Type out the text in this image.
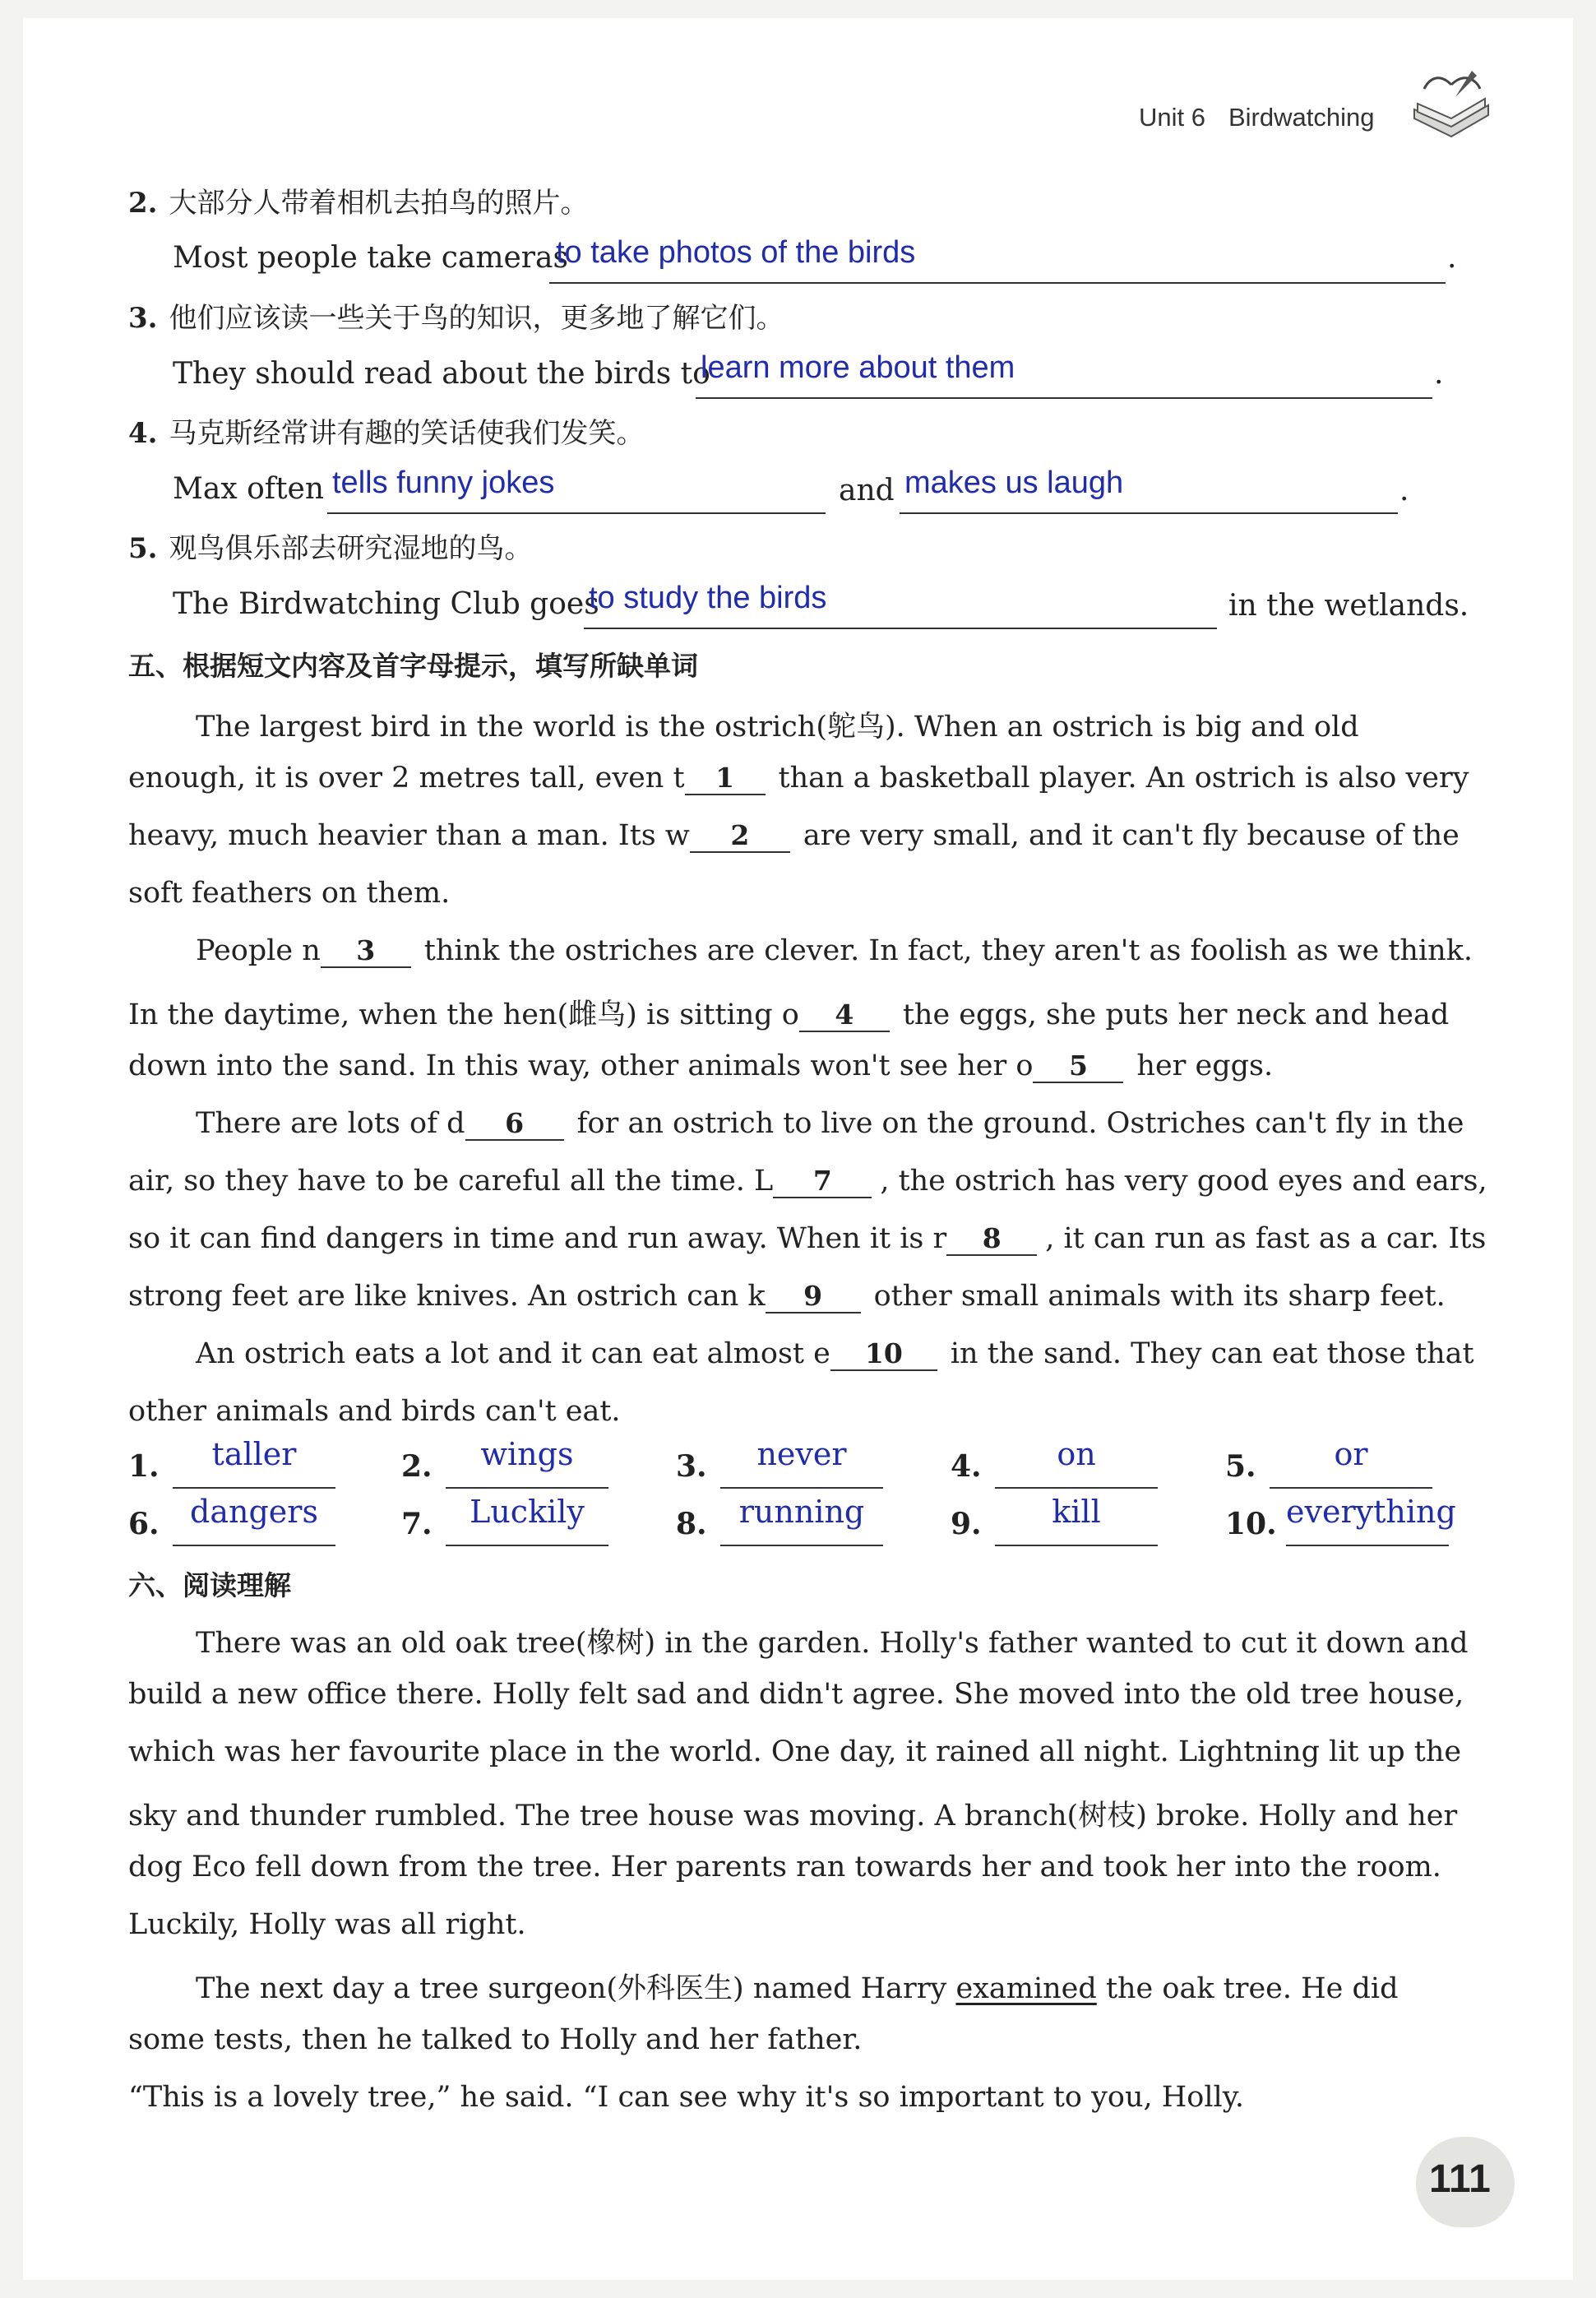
Unit 6 Birdwatching
2. 大部分人带着相机去拍鸟的照片。
Most people take cameras
to take photos of the birds	.
3. 他们应该读一些关于鸟的知识，更多地了解它们。
They should read about the birds to
learn more about them	.
4. 马克斯经常讲有趣的笑话使我们发笑。
Max often tells funny jokes	and makes us laugh	.
5. 观鸟俱乐部去研究湿地的鸟。
The Birdwatching Club goes
to study the birds	in the wetlands.
五、根据短文内容及首字母提示，填写所缺单词
The largest bird in the world is the ostrich(鸵鸟). When an ostrich is big and old
enough, it is over 2 metres tall, even t 1 than a basketball player. An ostrich is also very
heavy, much heavier than a man. Its w 2 are very small, and it can't fly because of the
soft feathers on them.
People n 3 think the ostriches are clever. In fact, they aren't as foolish as we think.
In the daytime, when the hen(雌鸟) is sitting o 4 the eggs, she puts her neck and head
down into the sand. In this way, other animals won't see her o 5 her eggs.
There are lots of d 6 for an ostrich to live on the ground. Ostriches can't fly in the
air, so they have to be careful all the time. L 7 , the ostrich has very good eyes and ears,
so it can find dangers in time and run away. When it is r 8 , it can run as fast as a car. Its
strong feet are like knives. An ostrich can k 9 other small animals with its sharp feet.
An ostrich eats a lot and it can eat almost e 10 in the sand. They can eat those that
other animals and birds can't eat.
1.	taller	2.	wings	3.	never	4.	on	5.	or
6. dangers	7.	Luckily	8.	running	9.	kill	10. everything
六、阅读理解
There was an old oak tree(橡树) in the garden. Holly's father wanted to cut it down and
build a new office there. Holly felt sad and didn't agree. She moved into the old tree house,
which was her favourite place in the world. One day, it rained all night. Lightning lit up the
sky and thunder rumbled. The tree house was moving. A branch(树枝) broke. Holly and her
dog Eco fell down from the tree. Her parents ran towards her and took her into the room.
Luckily, Holly was all right.
The next day a tree surgeon(外科医生) named Harry examined the oak tree. He did
some tests, then he talked to Holly and her father.
“This is a lovely tree,” he said. “I can see why it's so important to you, Holly.
111
